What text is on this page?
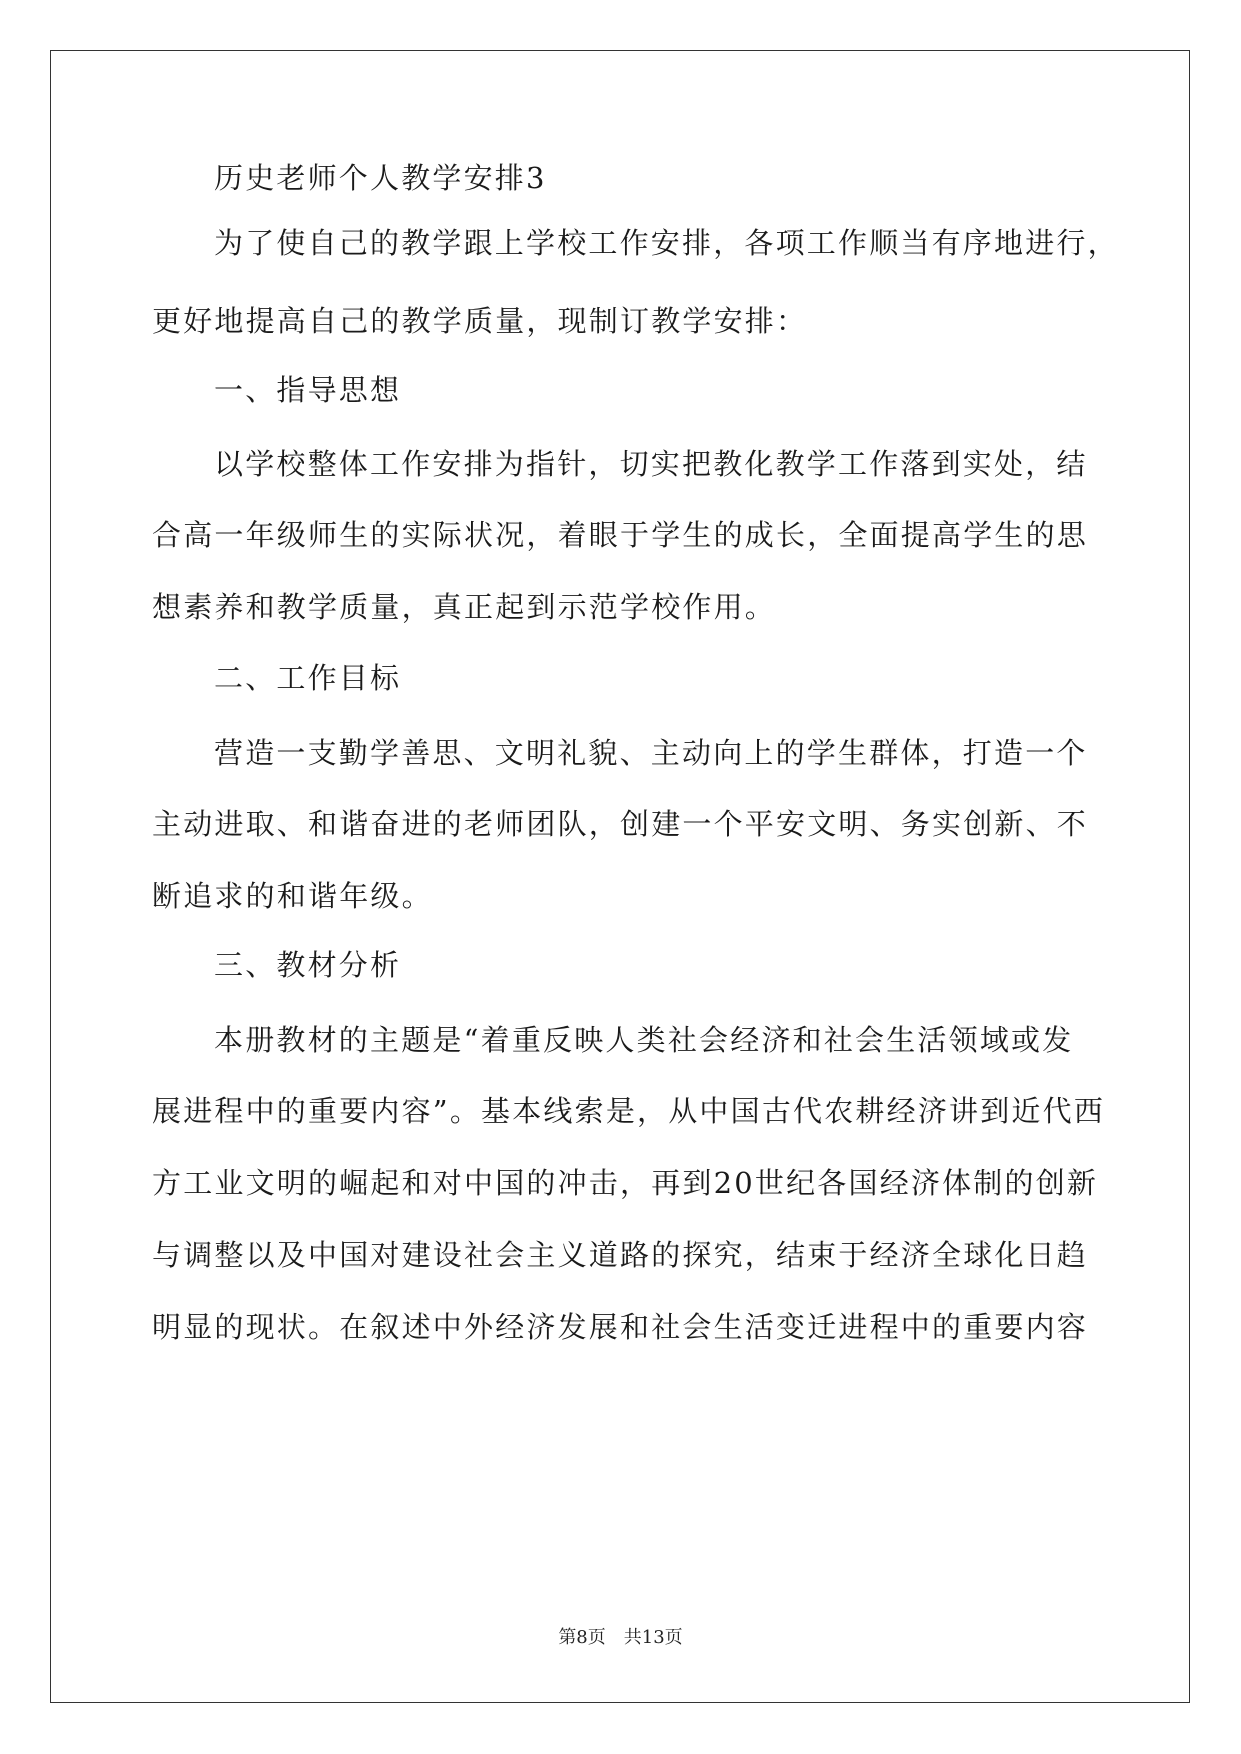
历史老师个人教学安排3
为了使自己的教学跟上学校工作安排，各项工作顺当有序地进行，
更好地提高自己的教学质量，现制订教学安排：
一、指导思想
以学校整体工作安排为指针，切实把教化教学工作落到实处，结
合高一年级师生的实际状况，着眼于学生的成长，全面提高学生的思
想素养和教学质量，真正起到示范学校作用。
二、工作目标
营造一支勤学善思、文明礼貌、主动向上的学生群体，打造一个
主动进取、和谐奋进的老师团队，创建一个平安文明、务实创新、不
断追求的和谐年级。
三、教材分析
本册教材的主题是“着重反映人类社会经济和社会生活领域或发
展进程中的重要内容”。基本线索是，从中国古代农耕经济讲到近代西
方工业文明的崛起和对中国的冲击，再到20世纪各国经济体制的创新
与调整以及中国对建设社会主义道路的探究，结束于经济全球化日趋
明显的现状。在叙述中外经济发展和社会生活变迁进程中的重要内容
第8页 共13页
